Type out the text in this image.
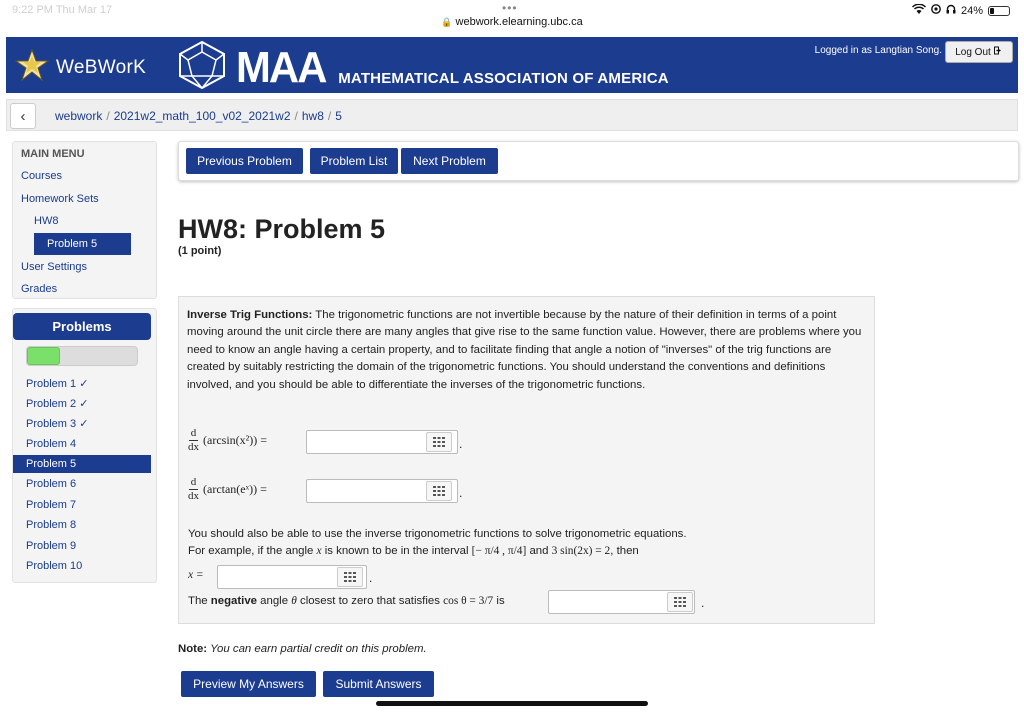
9:22 PM Thu Mar 17	•••
🔒 webwork.elearning.ubc.ca
24%
WeBWorK MAA MATHEMATICAL ASSOCIATION OF AMERICA
Logged in as Langtian Song. Log Out
‹	webwork / 2021w2_math_100_v02_2021w2 / hw8 / 5
MAIN MENU
Courses
Homework Sets
HW8
Problem 5
User Settings
Grades
Problems
Problem 1 ✓
Problem 2 ✓
Problem 3 ✓
Problem 4
Problem 5
Problem 6
Problem 7
Problem 8
Problem 9
Problem 10
Previous Problem	Problem List	Next Problem
HW8: Problem 5
(1 point)
Inverse Trig Functions: The trigonometric functions are not invertible because by the nature of their definition in terms of a point moving around the unit circle there are many angles that give rise to the same function value. However, there are problems where you need to know an angle having a certain property, and to facilitate finding that angle a notion of "inverses" of the trig functions are created by suitably restricting the domain of the trigonometric functions. You should understand the conventions and definitions involved, and you should be able to differentiate the inverses of the trigonometric functions.
$\frac{d}{dx} (\arcsin(x^2))$ =	.
$\frac{d}{dx}$ (arctan(eˣ)) =	.
You should also be able to use the inverse trigonometric functions to solve trigonometric equations.
For example, if the angle x is known to be in the interval [− π/4 , π/4] and 3 sin(2x) = 2, then
x =	.
The negative angle θ closest to zero that satisfies cos θ = 3/7 is	.
Note: You can earn partial credit on this problem.
Preview My Answers	Submit Answers
